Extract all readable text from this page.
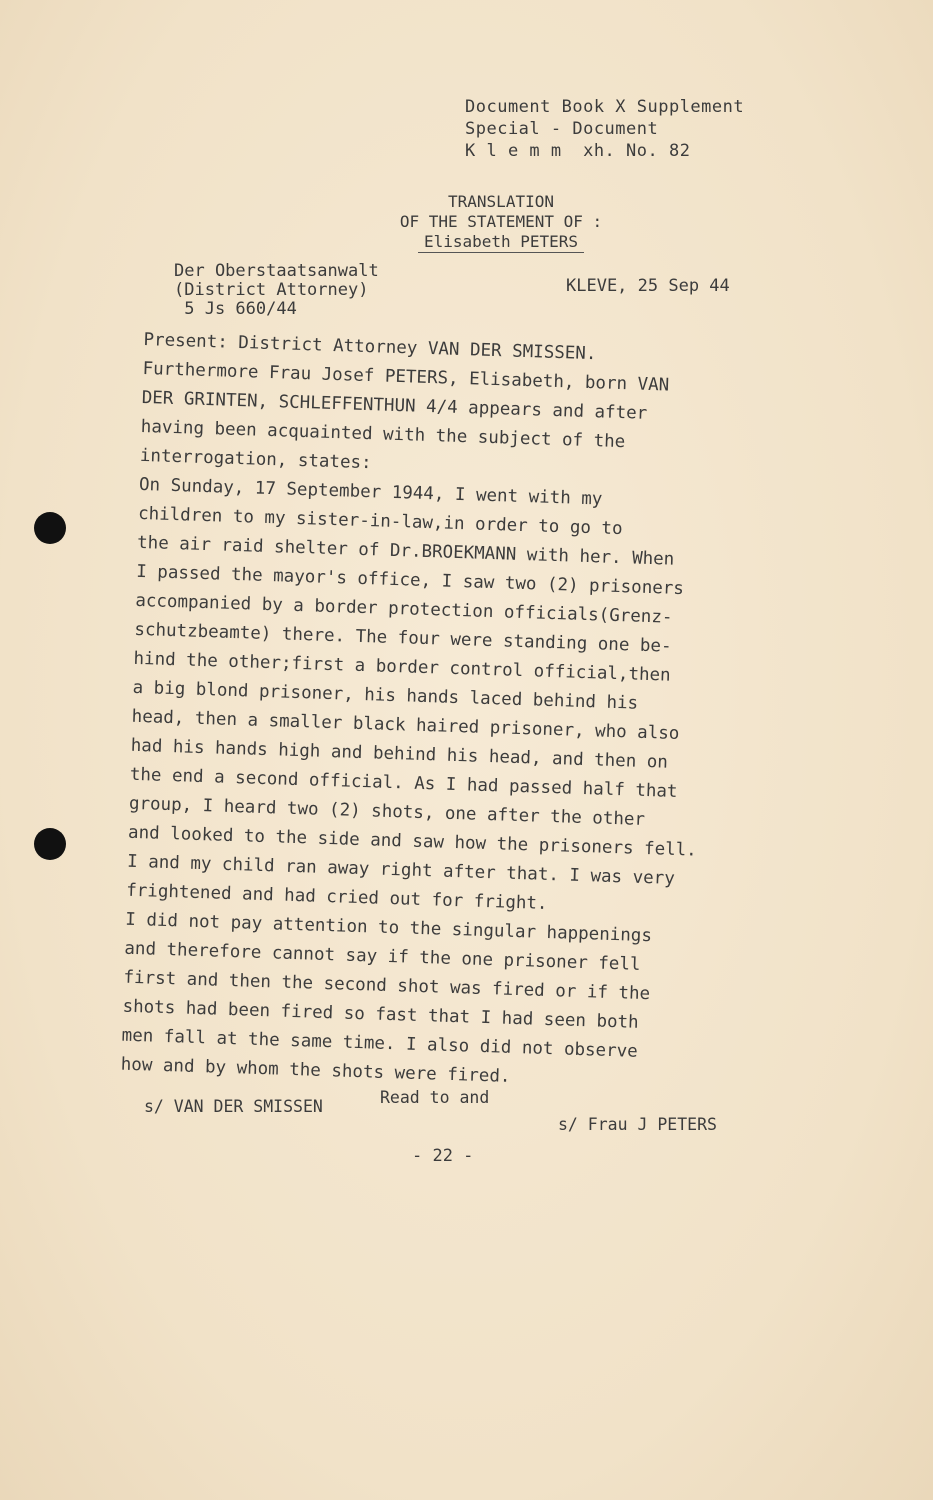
Document Book X Supplement
Special - Document
K l e m m  xh. No. 82
TRANSLATION
OF THE STATEMENT OF :
Elisabeth PETERS
Der Oberstaatsanwalt
(District Attorney)
5 Js 660/44
KLEVE, 25 Sep 44

Present: District Attorney VAN DER SMISSEN.

Furthermore Frau Josef PETERS, Elisabeth, born VAN

DER GRINTEN, SCHLEFFENTHUN 4/4 appears and after

having been acquainted with the subject of the

interrogation, states:

On Sunday, 17 September 1944, I went with my

children to my sister-in-law,in order to go to

the air raid shelter of Dr.BROEKMANN with her. When

I passed the mayor's office, I saw two (2) prisoners

accompanied by a border protection officials(Grenz-

schutzbeamte) there. The four were standing one be-

hind the other;first a border control official,then

a big blond prisoner, his hands laced behind his

head, then a smaller black haired prisoner, who also

had his hands high and behind his head, and then on

the end a second official. As I had passed half that

group, I heard two (2) shots, one after the other

and looked to the side and saw how the prisoners fell.

I and my child ran away right after that. I was very

frightened and had cried out for fright.

I did not pay attention to the singular happenings

and therefore cannot say if the one prisoner fell

first and then the second shot was fired or if the

shots had been fired so fast that I had seen both

men fall at the same time. I also did not observe

how and by whom the shots were fired.

s/ VAN DER SMISSEN	Read to and
s/ Frau J PETERS
- 22 -
